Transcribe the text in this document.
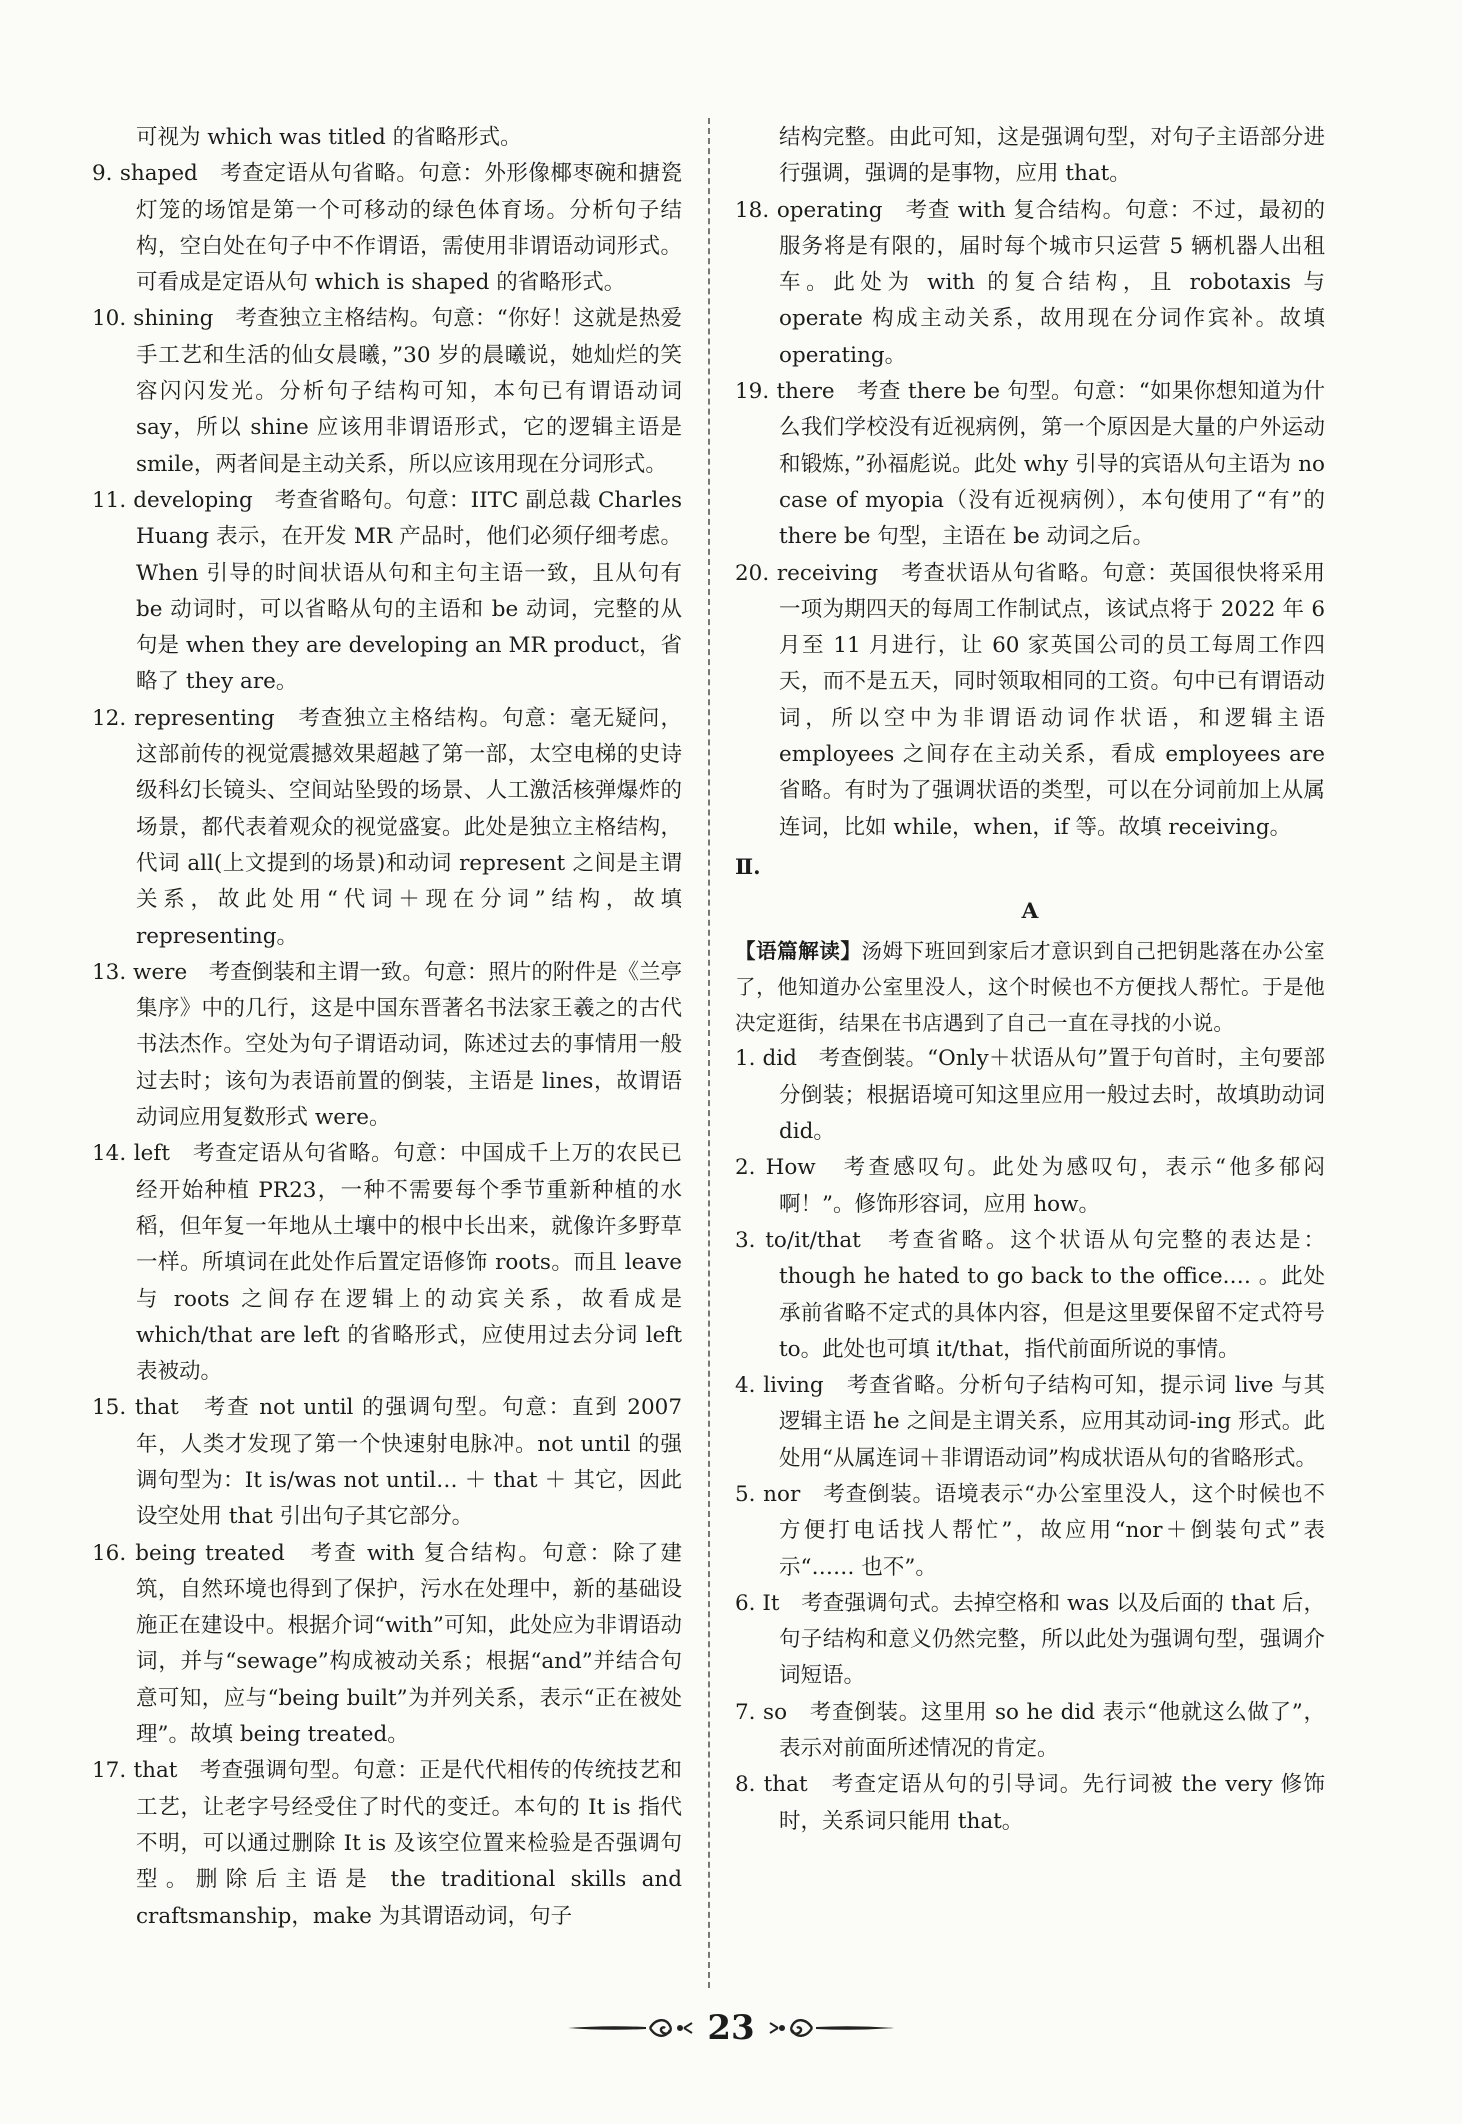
可视为 which was titled 的省略形式。

9. shaped　考查定语从句省略。句意：外形像椰枣碗和搪瓷灯笼的场馆是第一个可移动的绿色体育场。分析句子结构，空白处在句子中不作谓语，需使用非谓语动词形式。可看成是定语从句 which is shaped 的省略形式。

10. shining　考查独立主格结构。句意：“你好！这就是热爱手工艺和生活的仙女晨曦，”30 岁的晨曦说，她灿烂的笑容闪闪发光。分析句子结构可知，本句已有谓语动词 say，所以 shine 应该用非谓语形式，它的逻辑主语是 smile，两者间是主动关系，所以应该用现在分词形式。

11. developing　考查省略句。句意：IITC 副总裁 Charles Huang 表示，在开发 MR 产品时，他们必须仔细考虑。When 引导的时间状语从句和主句主语一致，且从句有 be 动词时，可以省略从句的主语和 be 动词，完整的从句是 when they are developing an MR product，省略了 they are。

12. representing　考查独立主格结构。句意：毫无疑问，这部前传的视觉震撼效果超越了第一部，太空电梯的史诗级科幻长镜头、空间站坠毁的场景、人工激活核弹爆炸的场景，都代表着观众的视觉盛宴。此处是独立主格结构，代词 all(上文提到的场景)和动词 represent 之间是主谓关系，故此处用“代词＋现在分词”结构，故填 representing。

13. were　考查倒装和主谓一致。句意：照片的附件是《兰亭集序》中的几行，这是中国东晋著名书法家王羲之的古代书法杰作。空处为句子谓语动词，陈述过去的事情用一般过去时；该句为表语前置的倒装，主语是 lines，故谓语动词应用复数形式 were。

14. left　考查定语从句省略。句意：中国成千上万的农民已经开始种植 PR23，一种不需要每个季节重新种植的水稻，但年复一年地从土壤中的根中长出来，就像许多野草一样。所填词在此处作后置定语修饰 roots。而且 leave 与 roots 之间存在逻辑上的动宾关系，故看成是 which/that are left 的省略形式，应使用过去分词 left 表被动。

15. that　考查 not until 的强调句型。句意：直到 2007 年，人类才发现了第一个快速射电脉冲。not until 的强调句型为：It is/was not until… ＋ that ＋ 其它，因此设空处用 that 引出句子其它部分。

16. being treated　考查 with 复合结构。句意：除了建筑，自然环境也得到了保护，污水在处理中，新的基础设施正在建设中。根据介词“with”可知，此处应为非谓语动词，并与“sewage”构成被动关系；根据“and”并结合句意可知，应与“being built”为并列关系，表示“正在被处理”。故填 being treated。

17. that　考查强调句型。句意：正是代代相传的传统技艺和工艺，让老字号经受住了时代的变迁。本句的 It is 指代不明，可以通过删除 It is 及该空位置来检验是否强调句型。删除后主语是 the traditional skills and craftsmanship，make 为其谓语动词，句子

结构完整。由此可知，这是强调句型，对句子主语部分进行强调，强调的是事物，应用 that。

18. operating　考查 with 复合结构。句意：不过，最初的服务将是有限的，届时每个城市只运营 5 辆机器人出租车。此处为 with 的复合结构，且 robotaxis 与 operate 构成主动关系，故用现在分词作宾补。故填 operating。

19. there　考查 there be 句型。句意：“如果你想知道为什么我们学校没有近视病例，第一个原因是大量的户外运动和锻炼，”孙福彪说。此处 why 引导的宾语从句主语为 no case of myopia（没有近视病例），本句使用了“有”的 there be 句型，主语在 be 动词之后。

20. receiving　考查状语从句省略。句意：英国很快将采用一项为期四天的每周工作制试点，该试点将于 2022 年 6 月至 11 月进行，让 60 家英国公司的员工每周工作四天，而不是五天，同时领取相同的工资。句中已有谓语动词，所以空中为非谓语动词作状语，和逻辑主语 employees 之间存在主动关系，看成 employees are 省略。有时为了强调状语的类型，可以在分词前加上从属连词，比如 while，when，if 等。故填 receiving。

Ⅱ.

A

【语篇解读】汤姆下班回到家后才意识到自己把钥匙落在办公室了，他知道办公室里没人，这个时候也不方便找人帮忙。于是他决定逛街，结果在书店遇到了自己一直在寻找的小说。

1. did　考查倒装。“Only＋状语从句”置于句首时，主句要部分倒装；根据语境可知这里应用一般过去时，故填助动词 did。

2. How　考查感叹句。此处为感叹句，表示“他多郁闷啊！”。修饰形容词，应用 how。

3. to/it/that　考查省略。这个状语从句完整的表达是：though he hated to go back to the office.… 。此处承前省略不定式的具体内容，但是这里要保留不定式符号 to。此处也可填 it/that，指代前面所说的事情。

4. living　考查省略。分析句子结构可知，提示词 live 与其逻辑主语 he 之间是主谓关系，应用其动词-ing 形式。此处用“从属连词＋非谓语动词”构成状语从句的省略形式。

5. nor　考查倒装。语境表示“办公室里没人，这个时候也不方便打电话找人帮忙”，故应用“nor＋倒装句式”表示“…… 也不”。

6. It　考查强调句式。去掉空格和 was 以及后面的 that 后，句子结构和意义仍然完整，所以此处为强调句型，强调介词短语。

7. so　考查倒装。这里用 so he did 表示“他就这么做了”，表示对前面所述情况的肯定。

8. that　考查定语从句的引导词。先行词被 the very 修饰时，关系词只能用 that。

23
